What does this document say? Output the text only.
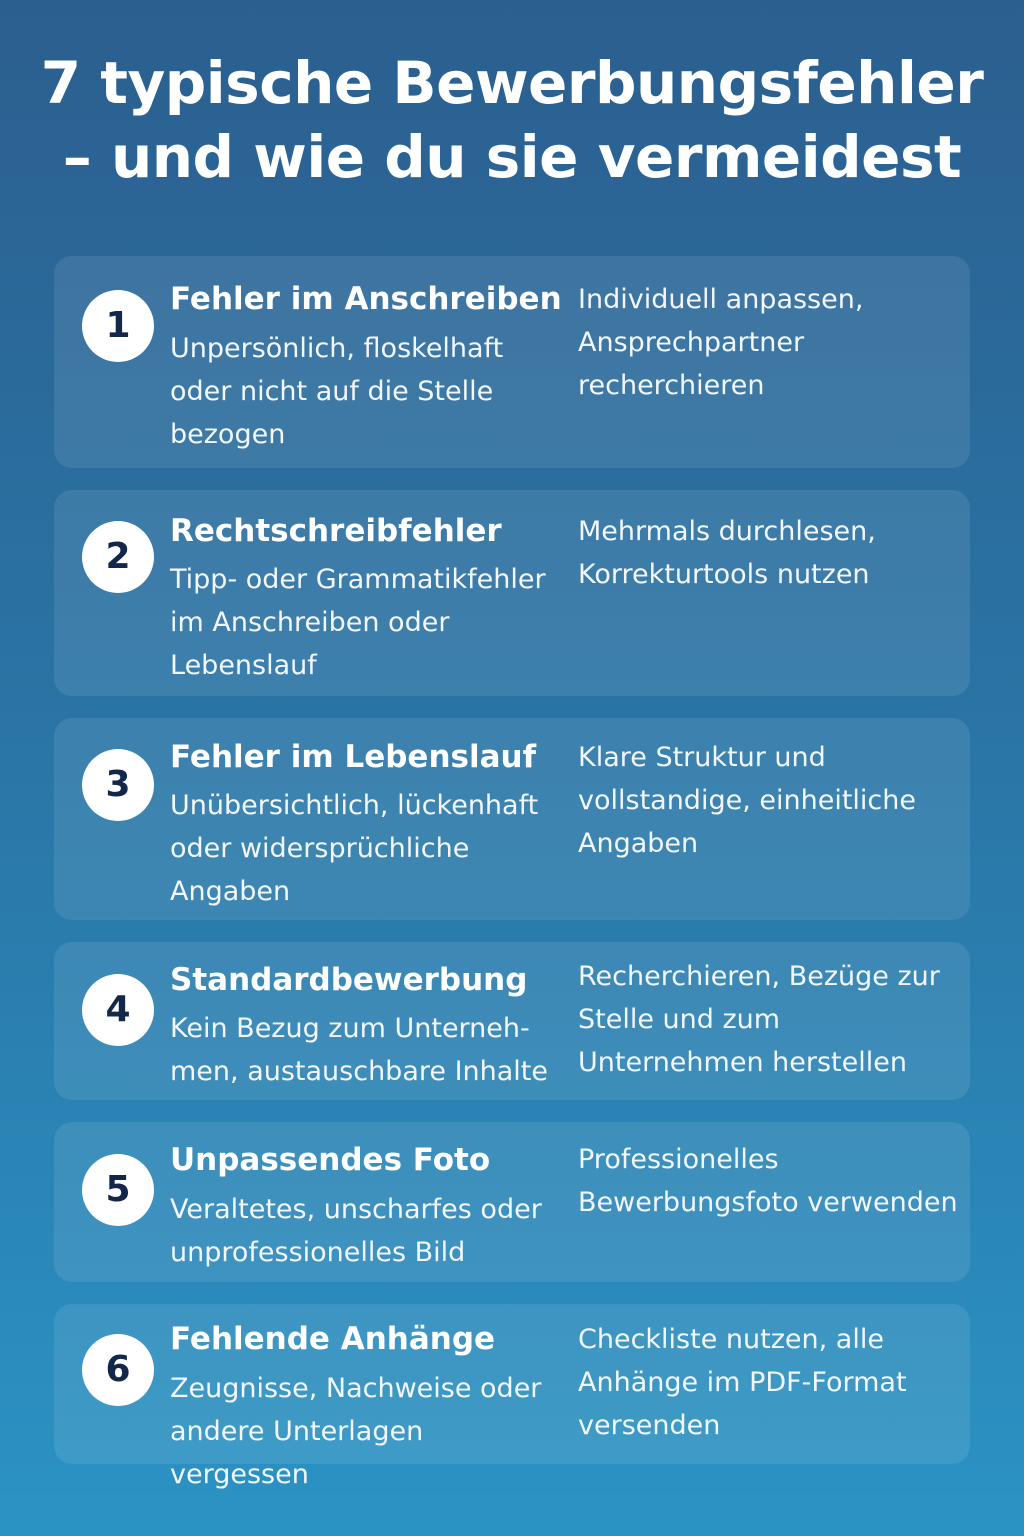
7 typische Bewerbungsfehler
– und wie du sie vermeidest
1
Fehler im Anschreiben
Unpersönlich, floskelhaft
oder nicht auf die Stelle
bezogen
Individuell anpassen,
Ansprechpartner
recherchieren
2
Rechtschreibfehler
Tipp- oder Grammatikfehler
im Anschreiben oder
Lebenslauf
Mehrmals durchlesen,
Korrekturtools nutzen
3
Fehler im Lebenslauf
Unübersichtlich, lückenhaft
oder widersprüchliche
Angaben
Klare Struktur und
vollstandige, einheitliche
Angaben
4
Standardbewerbung
Kein Bezug zum Unterneh-
men, austauschbare Inhalte
Recherchieren, Bezüge zur
Stelle und zum
Unternehmen herstellen
5
Unpassendes Foto
Veraltetes, unscharfes oder
unprofessionelles Bild
Professionelles
Bewerbungsfoto verwenden
6
Fehlende Anhänge
Zeugnisse, Nachweise oder
andere Unterlagen vergessen
Checkliste nutzen, alle
Anhänge im PDF-Format
versenden
